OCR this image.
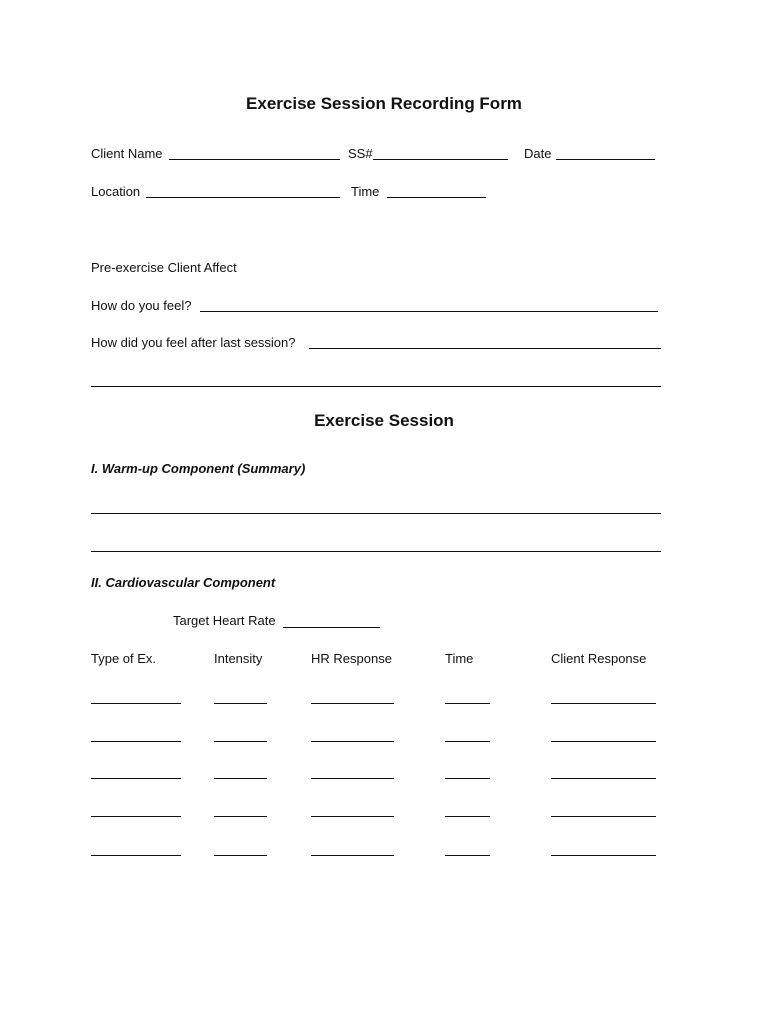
Exercise Session Recording Form
Client Name	SS#	Date
Location	Time
Pre-exercise Client Affect
How do you feel?
How did you feel after last session?
Exercise Session
I. Warm-up Component (Summary)
II. Cardiovascular Component
Target Heart Rate
Type of Ex.	Intensity	HR Response	Time	Client Response
